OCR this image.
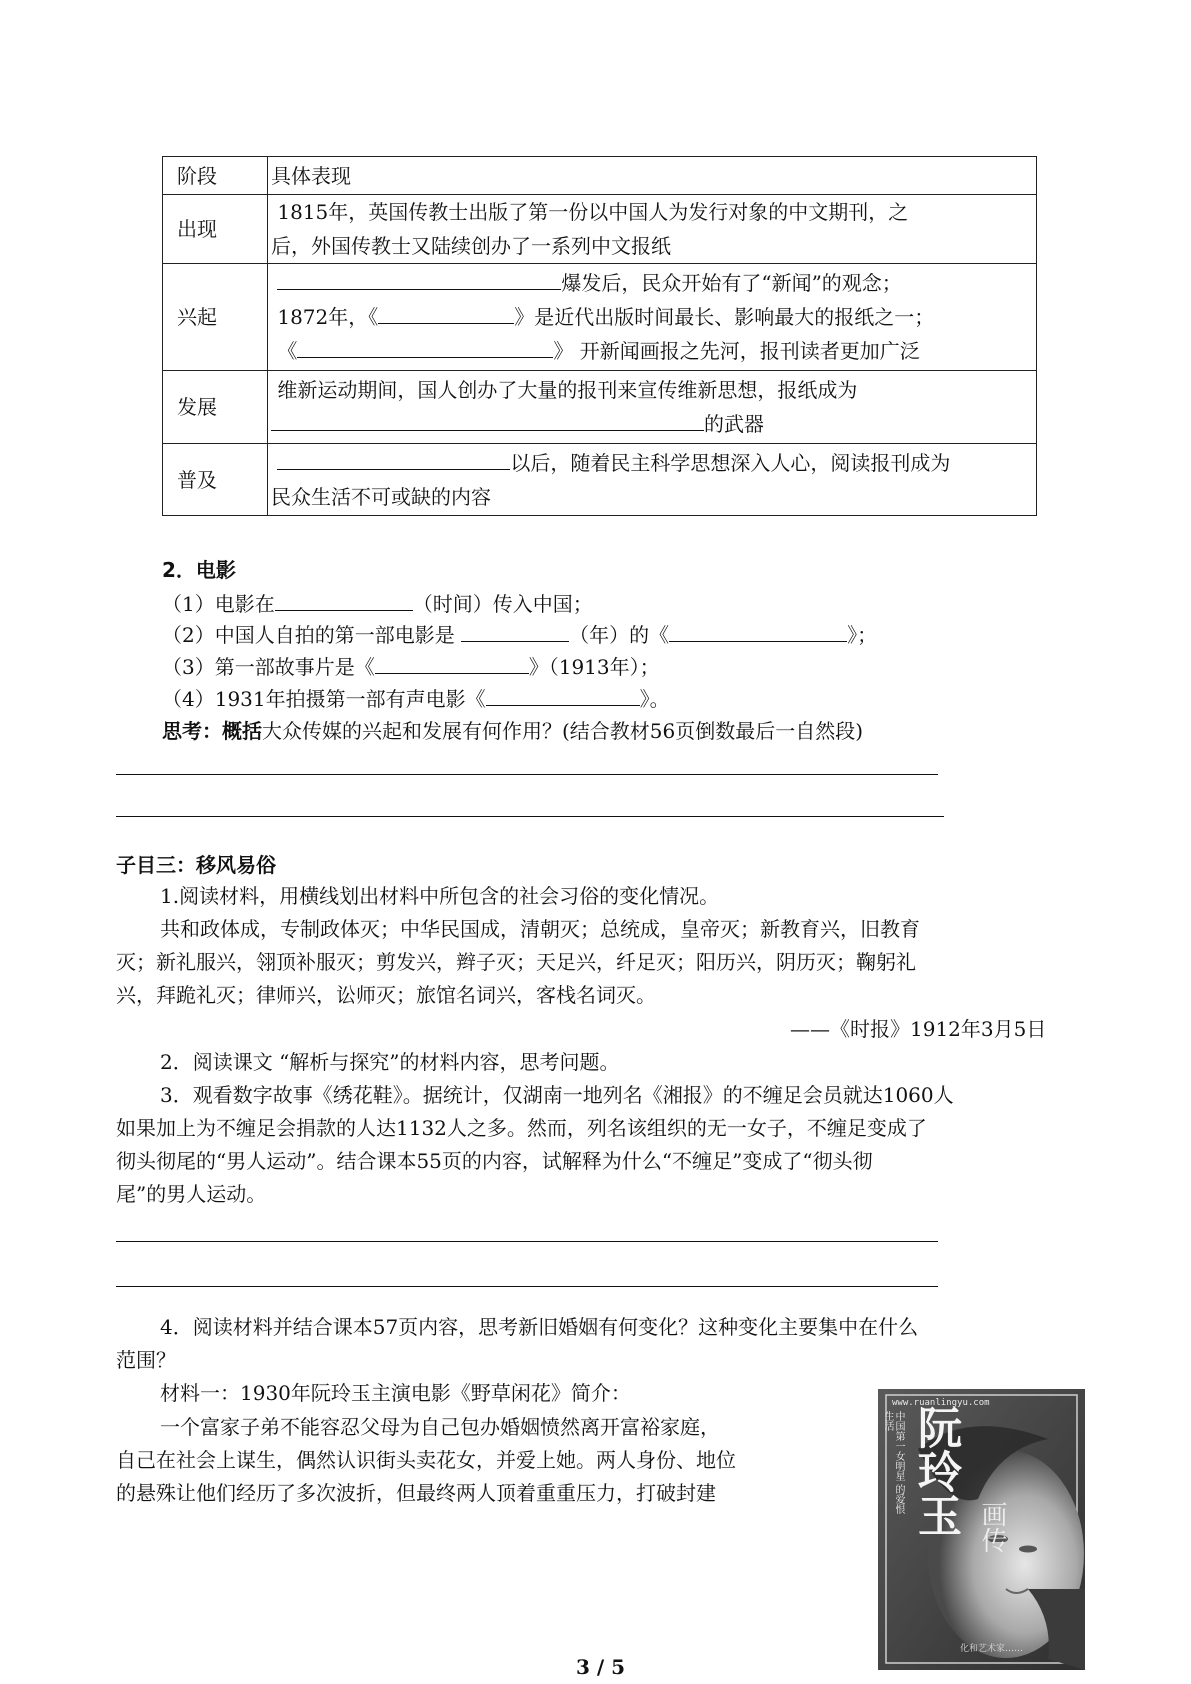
阶段	具体表现
出现	1815年，英国传教士出版了第一份以中国人为发行对象的中文期刊，之
后，外国传教士又陆续创办了一系列中文报纸

兴起	爆发后，民众开始有了“新闻”的观念；
1872年，《 》是近代出版时间最长、影响最大的报纸之一；
《 》 开新闻画报之先河，报刊读者更加广泛

发展	维新运动期间，国人创办了大量的报刊来宣传维新思想，报纸成为
的武器

普及	以后，随着民主科学思想深入人心，阅读报刊成为
民众生活不可或缺的内容
2．电影
（1）电影在	（时间）传入中国；
（2）中国人自拍的第一部电影是	（年）的《	》；
（3）第一部故事片是《	》（1913年）；
（4）1931年拍摄第一部有声电影《	》。
思考：概括大众传媒的兴起和发展有何作用？(结合教材56页倒数最后一自然段)
子目三：移风易俗
1.阅读材料，用横线划出材料中所包含的社会习俗的变化情况。
共和政体成，专制政体灭；中华民国成，清朝灭；总统成，皇帝灭；新教育兴，旧教育
灭；新礼服兴，翎顶补服灭；剪发兴，辫子灭；天足兴，纤足灭；阳历兴，阴历灭；鞠躬礼
兴，拜跪礼灭；律师兴，讼师灭；旅馆名词兴，客栈名词灭。
——《时报》1912年3月5日
2．阅读课文 “解析与探究”的材料内容，思考问题。
3．观看数字故事《绣花鞋》。据统计，仅湖南一地列名《湘报》的不缠足会员就达1060人
如果加上为不缠足会捐款的人达1132人之多。然而，列名该组织的无一女子，不缠足变成了
彻头彻尾的“男人运动”。结合课本55页的内容，试解释为什么“不缠足”变成了“彻头彻
尾”的男人运动。
4．阅读材料并结合课本57页内容，思考新旧婚姻有何变化？这种变化主要集中在什么
范围？
材料一：1930年阮玲玉主演电影《野草闲花》简介：
一个富家子弟不能容忍父母为自己包办婚姻愤然离开富裕家庭，
自己在社会上谋生，偶然认识街头卖花女，并爱上她。两人身份、地位
的悬殊让他们经历了多次波折，但最终两人顶着重重压力，打破封建
www.ruanlingyu.com
中国第一女明星 的爱恨生活 阮玲玉 画传
化和艺术家……
3 / 5
